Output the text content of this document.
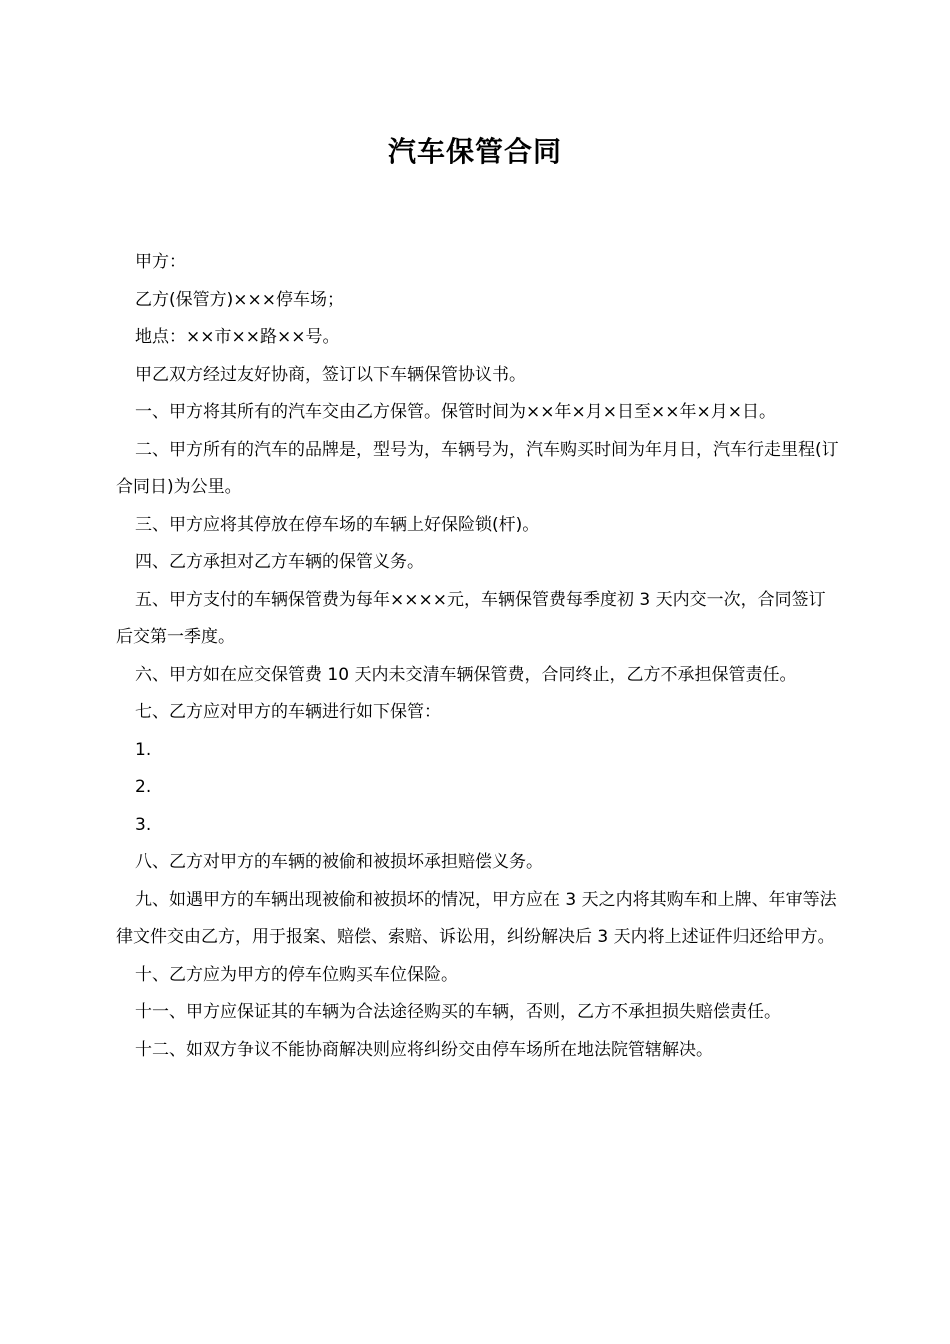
汽车保管合同

甲方：

乙方(保管方)×××停车场；

地点：××市××路××号。

甲乙双方经过友好协商，签订以下车辆保管协议书。

一、甲方将其所有的汽车交由乙方保管。保管时间为××年×月×日至××年×月×日。

二、甲方所有的汽车的品牌是，型号为，车辆号为，汽车购买时间为年月日，汽车行走里程(订合同日)为公里。

三、甲方应将其停放在停车场的车辆上好保险锁(杆)。

四、乙方承担对乙方车辆的保管义务。

五、甲方支付的车辆保管费为每年××××元，车辆保管费每季度初 3 天内交一次，合同签订后交第一季度。

六、甲方如在应交保管费 10 天内未交清车辆保管费，合同终止，乙方不承担保管责任。

七、乙方应对甲方的车辆进行如下保管：

1.

2.

3.

八、乙方对甲方的车辆的被偷和被损坏承担赔偿义务。

九、如遇甲方的车辆出现被偷和被损坏的情况，甲方应在 3 天之内将其购车和上牌、年审等法律文件交由乙方，用于报案、赔偿、索赔、诉讼用，纠纷解决后 3 天内将上述证件归还给甲方。

十、乙方应为甲方的停车位购买车位保险。

十一、甲方应保证其的车辆为合法途径购买的车辆，否则，乙方不承担损失赔偿责任。

十二、如双方争议不能协商解决则应将纠纷交由停车场所在地法院管辖解决。
